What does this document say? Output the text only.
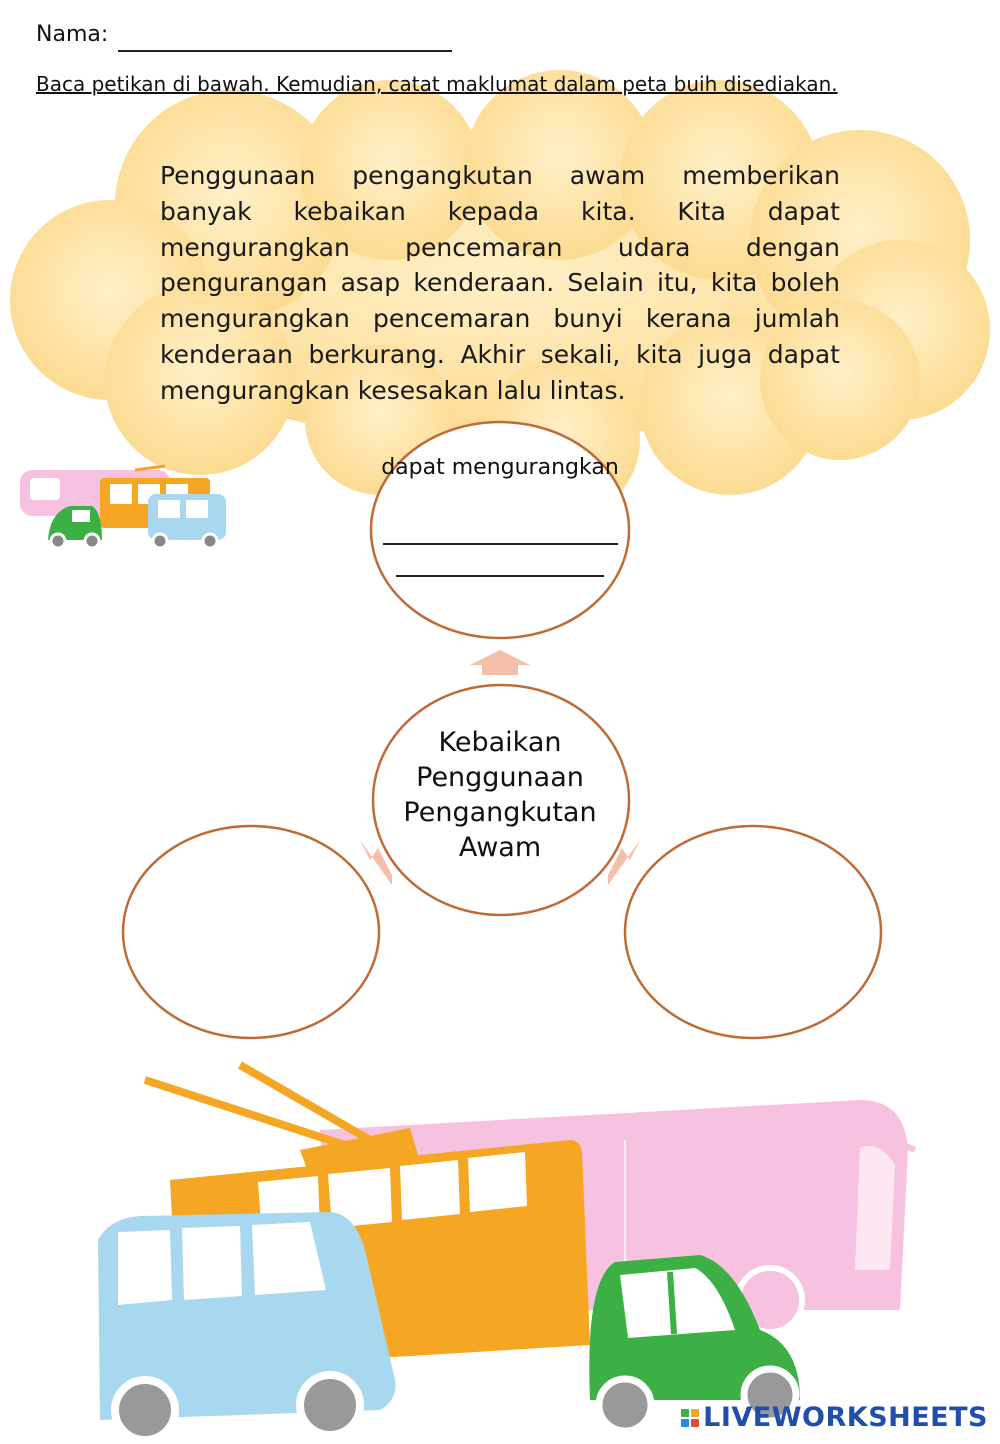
Nama:
Baca petikan di bawah. Kemudian, catat maklumat dalam peta buih disediakan.
Penggunaan pengangkutan awam memberikan banyak kebaikan kepada kita. Kita dapat mengurangkan pencemaran udara dengan pengurangan asap kenderaan. Selain itu, kita boleh mengurangkan pencemaran bunyi kerana jumlah kenderaan berkurang. Akhir sekali, kita juga dapat mengurangkan kesesakan lalu lintas.
dapat mengurangkan
Kebaikan Penggunaan Pengangkutan Awam
LIVEWORKSHEETS
